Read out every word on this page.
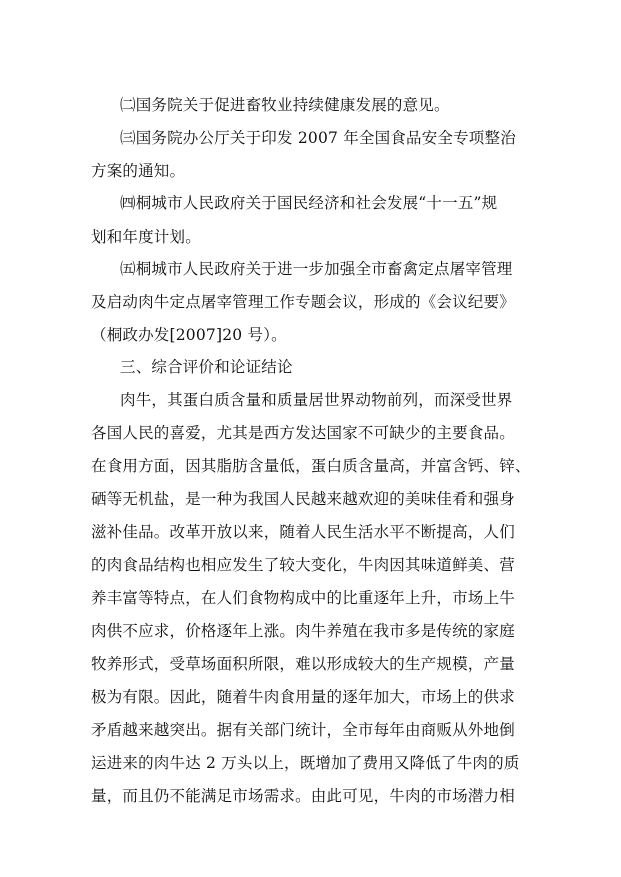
㈡国务院关于促进畜牧业持续健康发展的意见。
㈢国务院办公厅关于印发 2007 年全国食品安全专项整治
方案的通知。
㈣桐城市人民政府关于国民经济和社会发展“十一五”规
划和年度计划。
㈤桐城市人民政府关于进一步加强全市畜禽定点屠宰管理
及启动肉牛定点屠宰管理工作专题会议，形成的《会议纪要》
（桐政办发[2007]20 号）。
三、综合评价和论证结论
肉牛，其蛋白质含量和质量居世界动物前列，而深受世界
各国人民的喜爱，尤其是西方发达国家不可缺少的主要食品。
在食用方面，因其脂肪含量低，蛋白质含量高，并富含钙、锌、
硒等无机盐，是一种为我国人民越来越欢迎的美味佳肴和强身
滋补佳品。改革开放以来，随着人民生活水平不断提高，人们
的肉食品结构也相应发生了较大变化，牛肉因其味道鲜美、营
养丰富等特点，在人们食物构成中的比重逐年上升，市场上牛
肉供不应求，价格逐年上涨。肉牛养殖在我市多是传统的家庭
牧养形式，受草场面积所限，难以形成较大的生产规模，产量
极为有限。因此，随着牛肉食用量的逐年加大，市场上的供求
矛盾越来越突出。据有关部门统计，全市每年由商贩从外地倒
运进来的肉牛达 2 万头以上，既增加了费用又降低了牛肉的质
量，而且仍不能满足市场需求。由此可见，牛肉的市场潜力相
